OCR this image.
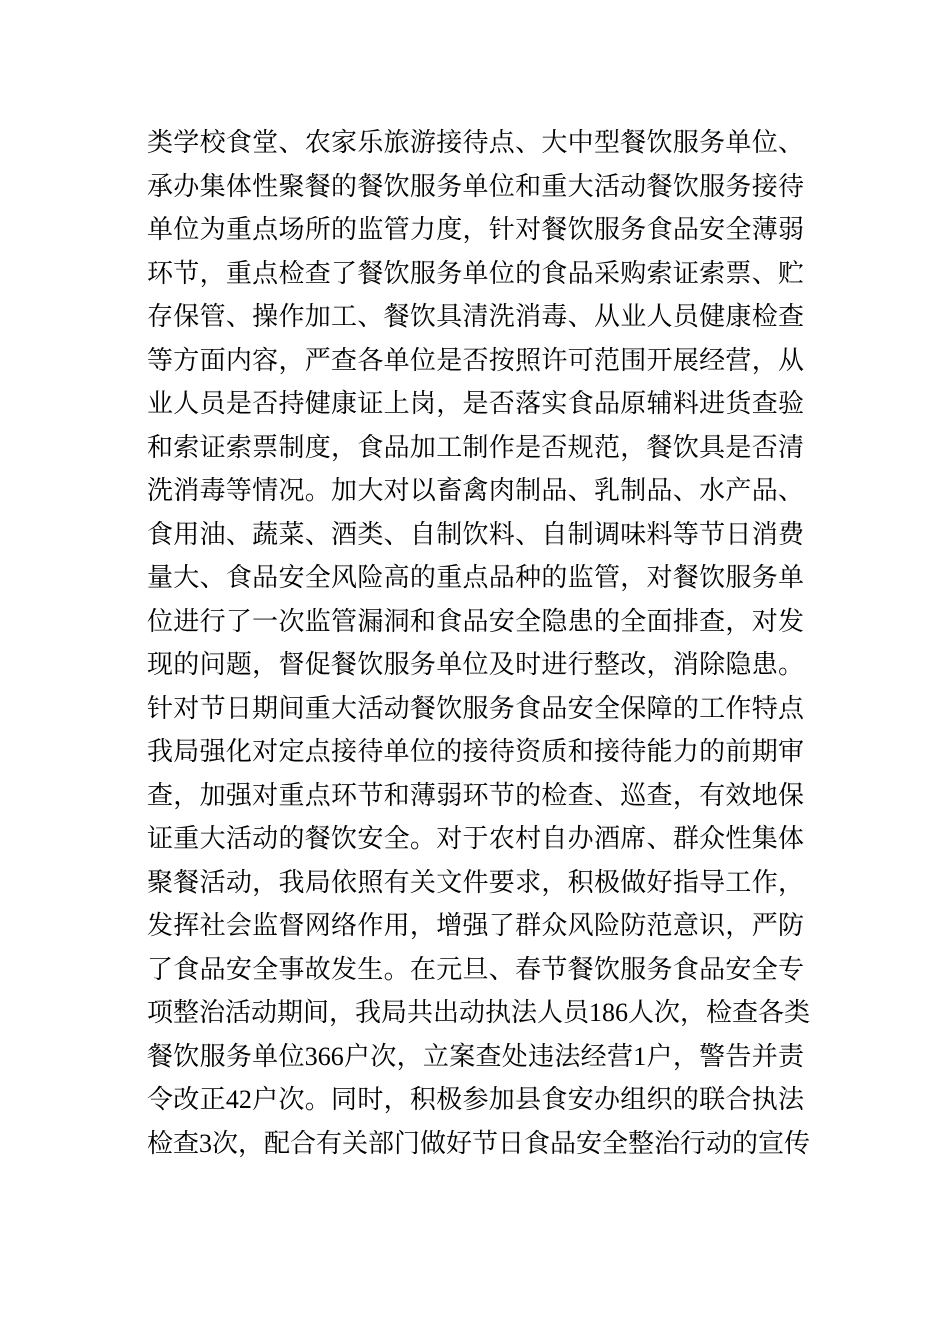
类学校食堂、农家乐旅游接待点、大中型餐饮服务单位、
承办集体性聚餐的餐饮服务单位和重大活动餐饮服务接待
单位为重点场所的监管力度，针对餐饮服务食品安全薄弱
环节，重点检查了餐饮服务单位的食品采购索证索票、贮
存保管、操作加工、餐饮具清洗消毒、从业人员健康检查
等方面内容，严查各单位是否按照许可范围开展经营，从
业人员是否持健康证上岗，是否落实食品原辅料进货查验
和索证索票制度，食品加工制作是否规范，餐饮具是否清
洗消毒等情况。加大对以畜禽肉制品、乳制品、水产品、
食用油、蔬菜、酒类、自制饮料、自制调味料等节日消费
量大、食品安全风险高的重点品种的监管，对餐饮服务单
位进行了一次监管漏洞和食品安全隐患的全面排查，对发
现的问题，督促餐饮服务单位及时进行整改，消除隐患。
针对节日期间重大活动餐饮服务食品安全保障的工作特点
我局强化对定点接待单位的接待资质和接待能力的前期审
查，加强对重点环节和薄弱环节的检查、巡查，有效地保
证重大活动的餐饮安全。对于农村自办酒席、群众性集体
聚餐活动，我局依照有关文件要求，积极做好指导工作，
发挥社会监督网络作用，增强了群众风险防范意识，严防
了食品安全事故发生。在元旦、春节餐饮服务食品安全专
项整治活动期间，我局共出动执法人员186人次，检查各类
餐饮服务单位366户次，立案查处违法经营1户，警告并责
令改正42户次。同时，积极参加县食安办组织的联合执法
检查3次，配合有关部门做好节日食品安全整治行动的宣传
